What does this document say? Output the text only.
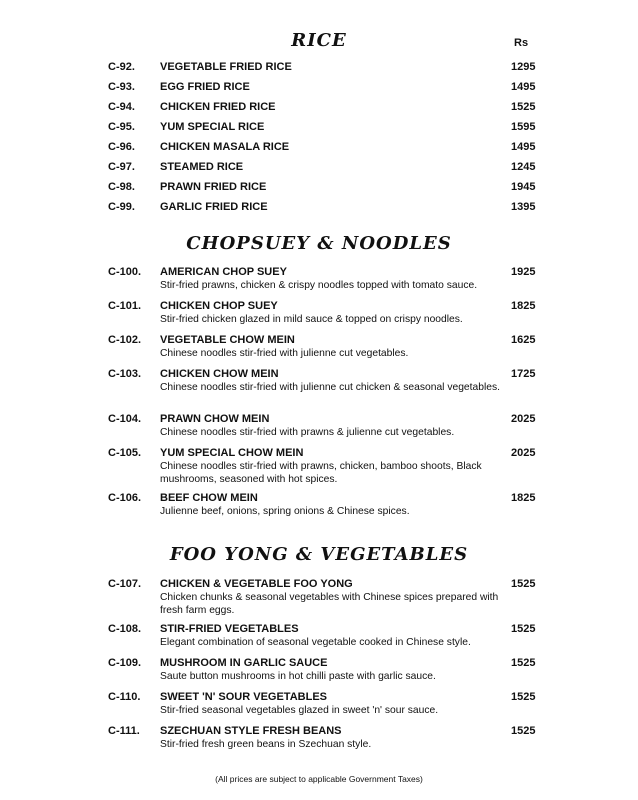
RICE	Rs
C-92. VEGETABLE FRIED RICE	1295
C-93. EGG FRIED RICE	1495
C-94. CHICKEN FRIED RICE	1525
C-95. YUM SPECIAL RICE	1595
C-96. CHICKEN MASALA RICE	1495
C-97. STEAMED RICE	1245
C-98. PRAWN FRIED RICE	1945
C-99. GARLIC FRIED RICE	1395
CHOPSUEY & NOODLES
C-100. AMERICAN CHOP SUEY
Stir-fried prawns, chicken & crispy noodles topped with tomato sauce.
1925
C-101. CHICKEN CHOP SUEY
Stir-fried chicken glazed in mild sauce & topped on crispy noodles.
1825
C-102. VEGETABLE CHOW MEIN
Chinese noodles stir-fried with julienne cut vegetables.
1625
C-103. CHICKEN CHOW MEIN
Chinese noodles stir-fried with julienne cut chicken & seasonal vegetables.
1725
C-104. PRAWN CHOW MEIN
Chinese noodles stir-fried with prawns & julienne cut vegetables.
2025
C-105. YUM SPECIAL CHOW MEIN
Chinese noodles stir-fried with prawns, chicken, bamboo shoots, Black mushrooms, seasoned with hot spices.
2025
C-106. BEEF CHOW MEIN
Julienne beef, onions, spring onions & Chinese spices.
1825
FOO YONG & VEGETABLES
C-107. CHICKEN & VEGETABLE FOO YONG
Chicken chunks & seasonal vegetables with Chinese spices prepared with fresh farm eggs.
1525
C-108. STIR-FRIED VEGETABLES
Elegant combination of seasonal vegetable cooked in Chinese style.
1525
C-109. MUSHROOM IN GARLIC SAUCE
Saute button mushrooms in hot chilli paste with garlic sauce.
1525
C-110. SWEET 'N' SOUR VEGETABLES
Stir-fried seasonal vegetables glazed in sweet 'n' sour sauce.
1525
C-111. SZECHUAN STYLE FRESH BEANS
Stir-fried fresh green beans in Szechuan style.
1525
(All prices are subject to applicable Government Taxes)
